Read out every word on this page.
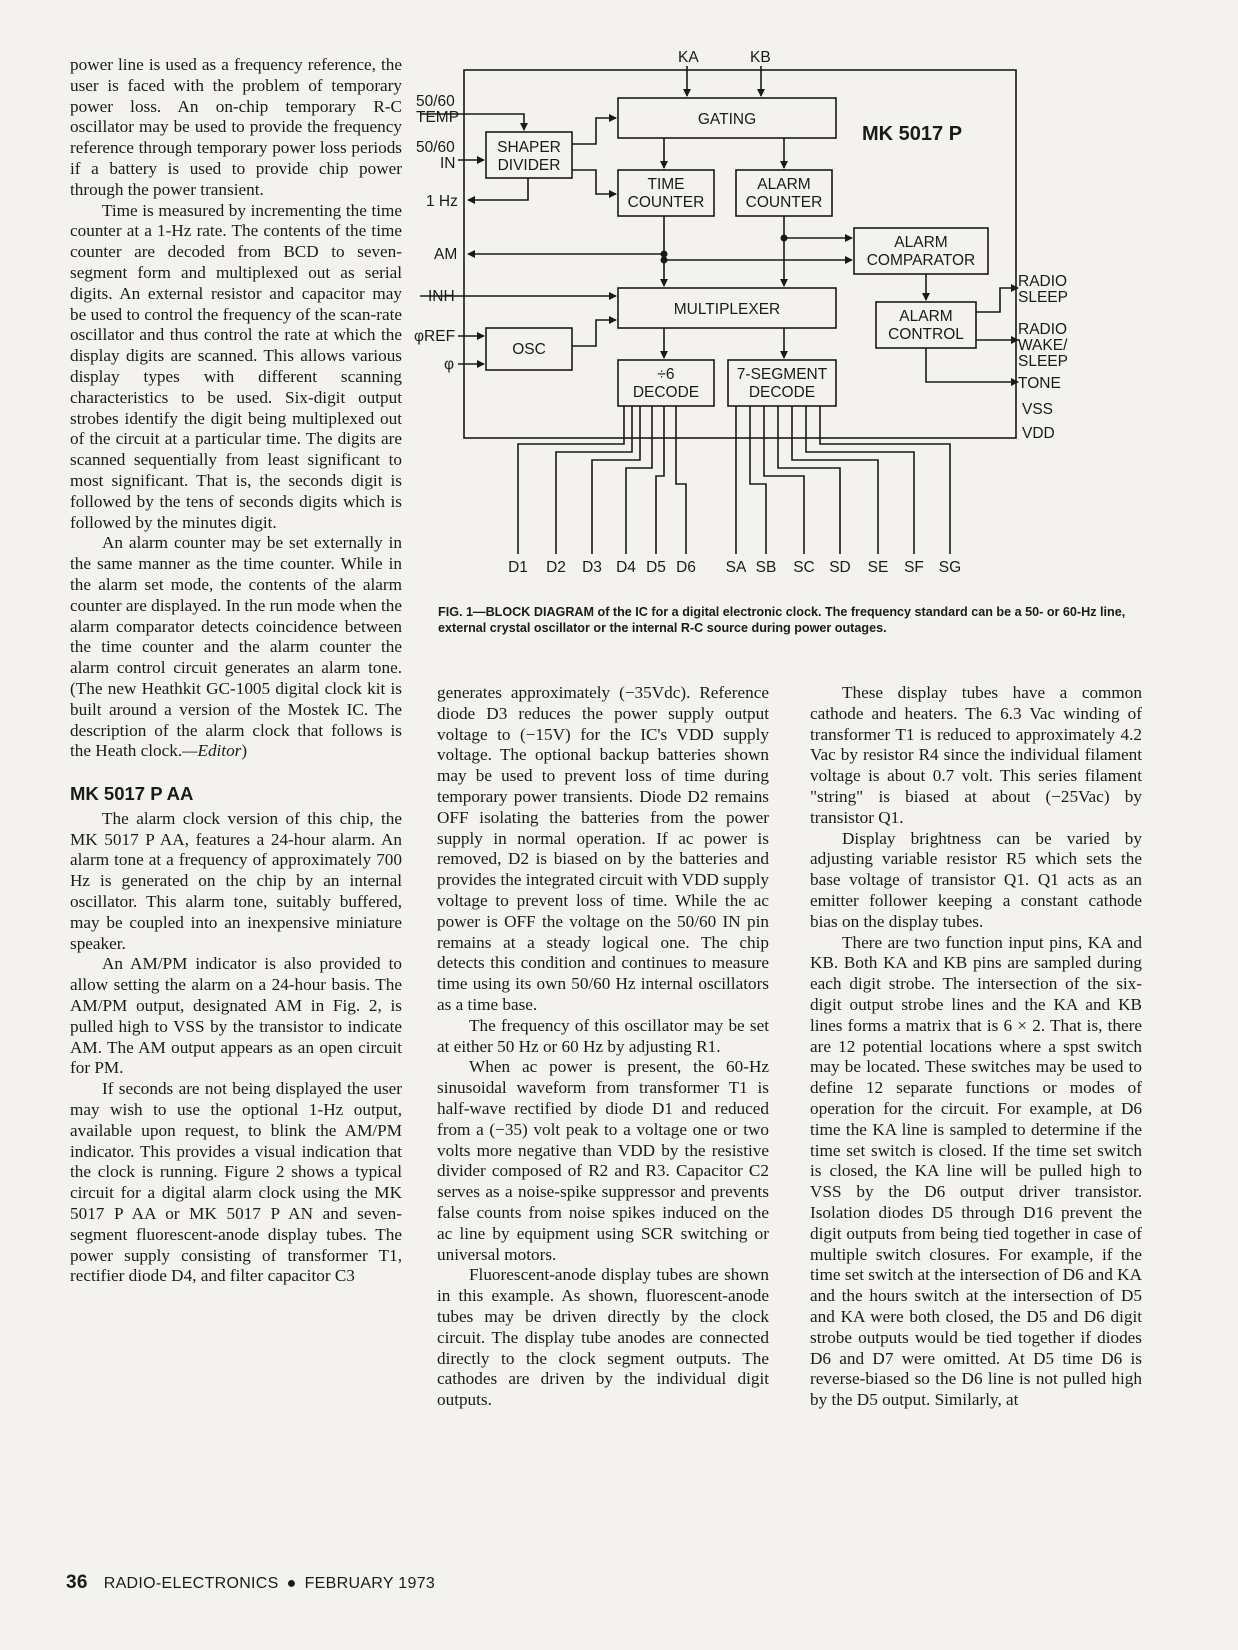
power line is used as a frequency reference, the user is faced with the problem of temporary power loss. An on-chip temporary R-C oscillator may be used to provide the frequency reference through temporary power loss periods if a battery is used to provide chip power through the power transient.

Time is measured by incrementing the time counter at a 1-Hz rate. The contents of the time counter are decoded from BCD to seven-segment form and multiplexed out as serial digits. An external resistor and capacitor may be used to control the frequency of the scan-rate oscillator and thus control the rate at which the display digits are scanned. This allows various display types with different scanning characteristics to be used. Six-digit output strobes identify the digit being multiplexed out of the circuit at a particular time. The digits are scanned sequentially from least significant to most significant. That is, the seconds digit is followed by the tens of seconds digits which is followed by the minutes digit.

An alarm counter may be set externally in the same manner as the time counter. While in the alarm set mode, the contents of the alarm counter are displayed. In the run mode when the alarm comparator detects coincidence between the time counter and the alarm counter the alarm control circuit generates an alarm tone. (The new Heathkit GC-1005 digital clock kit is built around a version of the Mostek IC. The description of the alarm clock that follows is the Heath clock.—Editor)

MK 5017 P AA

The alarm clock version of this chip, the MK 5017 P AA, features a 24-hour alarm. An alarm tone at a frequency of approximately 700 Hz is generated on the chip by an internal oscillator. This alarm tone, suitably buffered, may be coupled into an inexpensive miniature speaker.

An AM/PM indicator is also provided to allow setting the alarm on a 24-hour basis. The AM/PM output, designated AM in Fig. 2, is pulled high to VSS by the transistor to indicate AM. The AM output appears as an open circuit for PM.

If seconds are not being displayed the user may wish to use the optional 1-Hz output, available upon request, to blink the AM/PM indicator. This provides a visual indication that the clock is running. Figure 2 shows a typical circuit for a digital alarm clock using the MK 5017 P AA or MK 5017 P AN and seven-segment fluorescent-anode display tubes. The power supply consisting of transformer T1, rectifier diode D4, and filter capacitor C3

KA	KB
50/60
TEMP
50/60
IN
1 Hz
AM
INH
φREF
φ
GATING
SHAPER
DIVIDER
TIME
COUNTER
ALARM
COUNTER
ALARM
COMPARATOR
MULTIPLEXER	ALARM
CONTROL
OSC
÷6
DECODE
7-SEGMENT
DECODE
RADIO
SLEEP
RADIO
WAKE/
SLEEP
TONE
VSS
VDD
MK 5017 P
D1 D2 D3 D4 D5 D6 SA SB SC SD SE SF SG
FIG. 1—BLOCK DIAGRAM of the IC for a digital electronic clock. The frequency standard can be a 50- or 60-Hz line, external crystal oscillator or the internal R-C source during power outages.

generates approximately (−35Vdc). Reference diode D3 reduces the power supply output voltage to (−15V) for the IC's VDD supply voltage. The optional backup batteries shown may be used to prevent loss of time during temporary power transients. Diode D2 remains OFF isolating the batteries from the power supply in normal operation. If ac power is removed, D2 is biased on by the batteries and provides the integrated circuit with VDD supply voltage to prevent loss of time. While the ac power is OFF the voltage on the 50/60 IN pin remains at a steady logical one. The chip detects this condition and continues to measure time using its own 50/60 Hz internal oscillators as a time base.

The frequency of this oscillator may be set at either 50 Hz or 60 Hz by adjusting R1.

When ac power is present, the 60-Hz sinusoidal waveform from transformer T1 is half-wave rectified by diode D1 and reduced from a (−35) volt peak to a voltage one or two volts more negative than VDD by the resistive divider composed of R2 and R3. Capacitor C2 serves as a noise-spike suppressor and prevents false counts from noise spikes induced on the ac line by equipment using SCR switching or universal motors.

Fluorescent-anode display tubes are shown in this example. As shown, fluorescent-anode tubes may be driven directly by the clock circuit. The display tube anodes are connected directly to the clock segment outputs. The cathodes are driven by the individual digit outputs.

These display tubes have a common cathode and heaters. The 6.3 Vac winding of transformer T1 is reduced to approximately 4.2 Vac by resistor R4 since the individual filament voltage is about 0.7 volt. This series filament "string" is biased at about (−25Vac) by transistor Q1.

Display brightness can be varied by adjusting variable resistor R5 which sets the base voltage of transistor Q1. Q1 acts as an emitter follower keeping a constant cathode bias on the display tubes.

There are two function input pins, KA and KB. Both KA and KB pins are sampled during each digit strobe. The intersection of the six-digit output strobe lines and the KA and KB lines forms a matrix that is 6 × 2. That is, there are 12 potential locations where a spst switch may be located. These switches may be used to define 12 separate functions or modes of operation for the circuit. For example, at D6 time the KA line is sampled to determine if the time set switch is closed. If the time set switch is closed, the KA line will be pulled high to VSS by the D6 output driver transistor. Isolation diodes D5 through D16 prevent the digit outputs from being tied together in case of multiple switch closures. For example, if the time set switch at the intersection of D6 and KA and the hours switch at the intersection of D5 and KA were both closed, the D5 and D6 digit strobe outputs would be tied together if diodes D6 and D7 were omitted. At D5 time D6 is reverse-biased so the D6 line is not pulled high by the D5 output. Similarly, at

36 RADIO-ELECTRONICS ● FEBRUARY 1973
